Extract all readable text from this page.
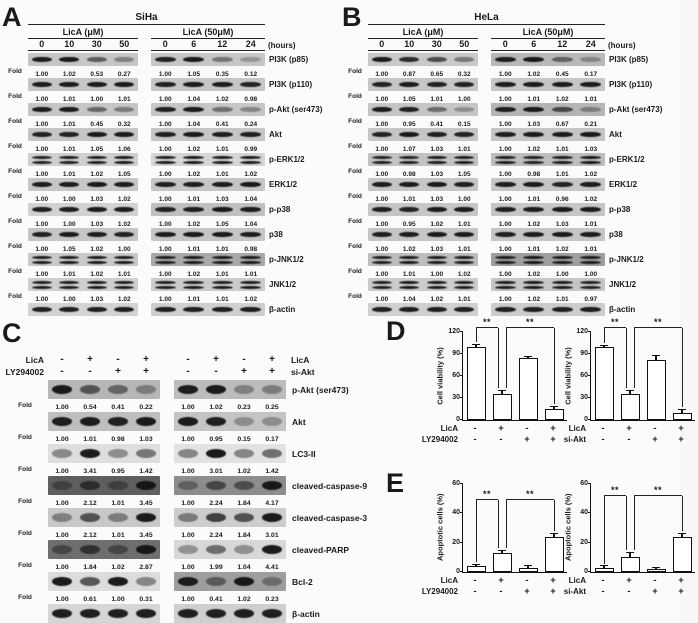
A	SiHa
LicA (μM)	LicA (50μM)
0	10	30	50	0	6	12	24	(hours)
PI3K (p85)
Fold	1.00 1.02 0.53 0.27	1.00 1.05 0.35 0.12
PI3K (p110)
Fold	1.00 1.01 1.00 1.01	1.00 1.04 1.02 0.98
p-Akt (ser473)
Fold	1.00 1.01 0.45 0.32	1.00 1.04 0.41 0.24
Akt
Fold	1.00 1.01 1.05 1.06	1.00 1.02 1.01 0.99
p-ERK1/2
Fold	1.00 1.01 1.02 1.05	1.00 1.02 1.01 1.02
ERK1/2
Fold	1.00 1.00 1.03 1.02	1.00 1.01 1.03 1.04
p-p38
Fold	1.00 1.00 1.03 1.02	1.00 1.02 1.05 1.04
p38
Fold	1.00 1.05 1.02 1.00	1.00 1.01 1.01 0.98
p-JNK1/2
Fold	1.00 1.01 1.02 1.01	1.00 1.02 1.01 1.01
JNK1/2
Fold	1.00 1.00 1.03 1.02	1.00 1.01 1.01 1.02
β-actin
B	HeLa
LicA (μM)	LicA (50μM)
0	10	30	50	0	6	12	24	(hours)
PI3K (p85)
Fold	1.00 0.87 0.65 0.32	1.00 1.02 0.45 0.17
PI3K (p110)
Fold	1.00 1.05 1.01 1.00	1.00 1.01 1.02 1.01
p-Akt (ser473)
Fold	1.00 0.95 0.41 0.15	1.00 1.03 0.67 0.21
Akt
Fold	1.00 1.07 1.03 1.01	1.00 1.02 1.01 1.03
p-ERK1/2
Fold	1.00 0.98 1.03 1.05	1.00 0.98 1.01 1.02
ERK1/2
Fold	1.00 1.01 1.03 1.00	1.00 1.01 0.96 1.02
p-p38
Fold	1.00 0.95 1.02 1.01	1.00 1.02 1.03 1.01
p38
Fold	1.00 1.02 1.03 1.01	1.00 1.01 1.02 1.01
p-JNK1/2
Fold	1.00 1.01 1.00 1.02	1.00 1.02 1.00 1.00
JNK1/2
Fold	1.00 1.04 1.02 1.01	1.00 1.02 1.01 0.97
β-actin
C
LicA	-	+	-	+	-	+	-	+	LicA
LY294002	-	-	+	+	-	-	+	+	si-Akt
p-Akt (ser473)
Fold	1.00 0.54 0.41 0.22	1.00 1.02 0.23 0.25
Akt
Fold	1.00 1.01 0.98 1.03	1.00 0.95 0.15 0.17
LC3-II
Fold	1.00 3.41 0.95 1.42	1.00 3.01 1.02 1.42
cleaved-caspase-9
Fold	1.00 2.12 1.01 3.45	1.00 2.24 1.84 4.17
cleaved-caspase-3
Fold	1.00 2.12 1.01 3.45	1.00 2.24 1.84 3.01
cleaved-PARP
Fold	1.00 1.84 1.02 2.87	1.00 1.99 1.04 4.41
Bcl-2
Fold	1.00 0.61 1.00 0.31	1.00 0.41 1.02 0.23
β-actin
D
Cell viability (%)
0
30
60
90
120
**	**
LicA	-	+	-	+
LY294002	-	-	+	+
Cell viability (%)
0
30
60
90
120
**	**
LicA	-	+	-	+
si-Akt	-	-	+	+
E
Apoptotic cells (%)
0
20
40
60
**	**
LicA	-	+	-	+
LY294002	-	-	+	+
Apoptotic cells (%)
0
20
40
60
**	**
LicA	-	+	-	+
si-Akt	-	-	+	+
